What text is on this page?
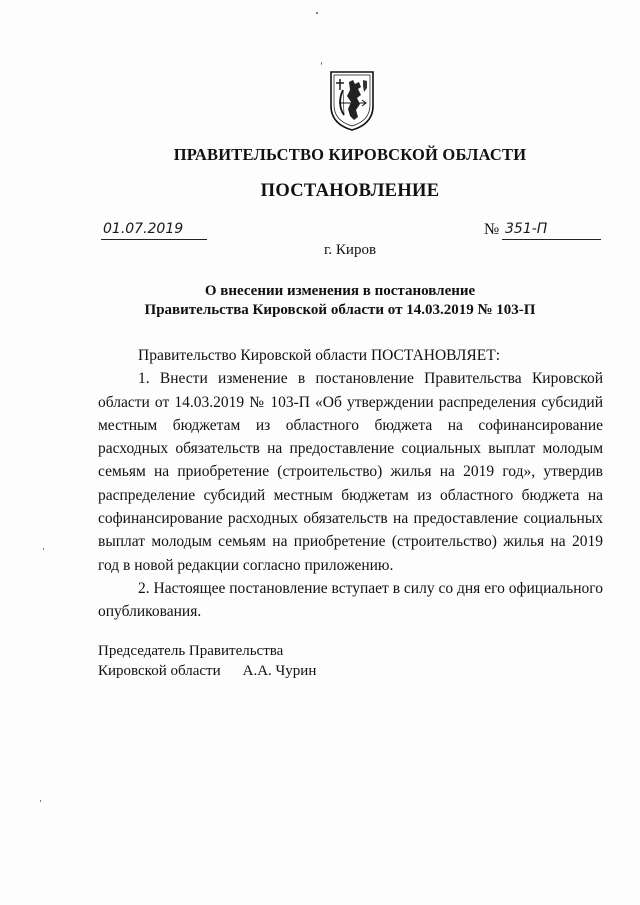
ПРАВИТЕЛЬСТВО КИРОВСКОЙ ОБЛАСТИ
ПОСТАНОВЛЕНИЕ
01.07.2019	№ 351-П
г. Киров
О внесении изменения в постановление
Правительства Кировской области от 14.03.2019 № 103-П

Правительство Кировской области ПОСТАНОВЛЯЕТ:

1. Внести изменение в постановление Правительства Кировской области от 14.03.2019 № 103-П «Об утверждении распределения субсидий местным бюджетам из областного бюджета на софинансирование расходных обязательств на предоставление социальных выплат молодым семьям на приобретение (строительство) жилья на 2019 год», утвердив распределение субсидий местным бюджетам из областного бюджета на софинансирование расходных обязательств на предоставление социальных выплат молодым семьям на приобретение (строительство) жилья на 2019 год в новой редакции согласно приложению.

2. Настоящее постановление вступает в силу со дня его официального опубликования.

Председатель Правительства
Кировской области А.А. Чурин
